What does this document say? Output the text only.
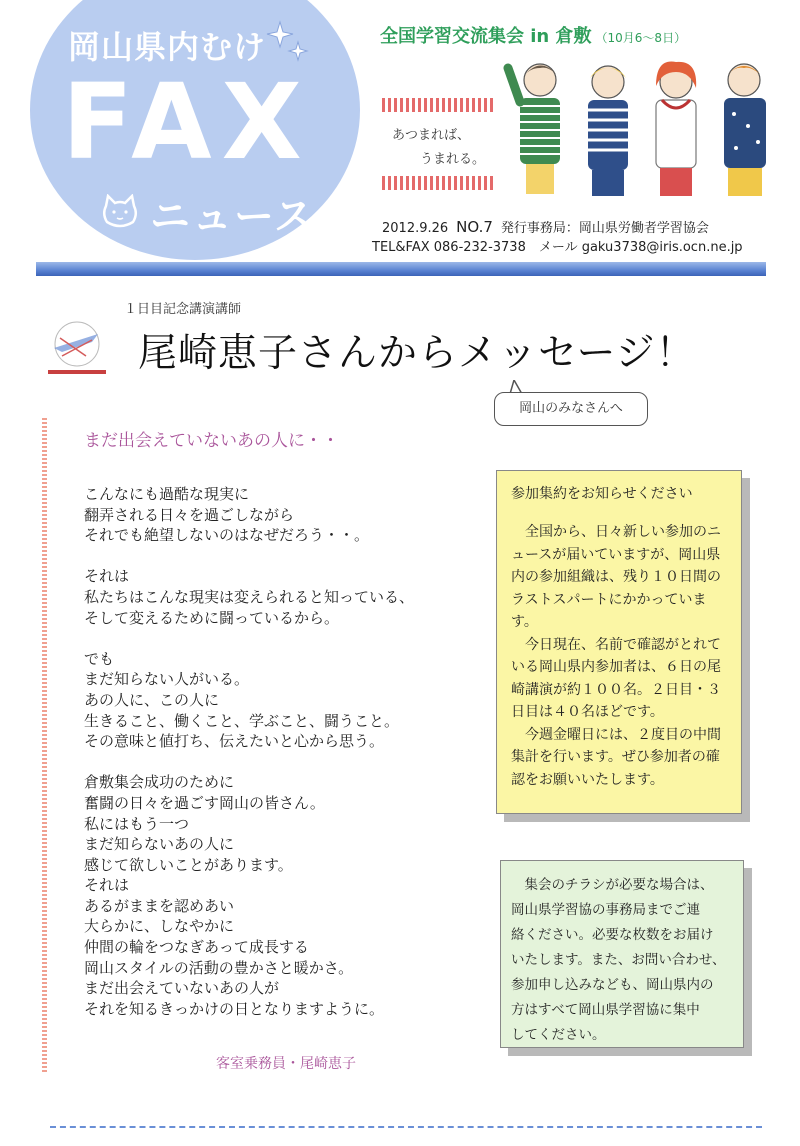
岡山県内むけ
FAX
ニュース
全国学習交流集会 in 倉敷 （10月6～8日）
あつまれば、
うまれる。
2012.9.26 NO.7 発行事務局：岡山県労働者学習協会
TEL&FAX 086-232-3738　メール gaku3738@iris.ocn.ne.jp
１日目記念講演講師
尾崎恵子さんからメッセージ！
岡山のみなさんへ
まだ出会えていないあの人に・・
こんなにも過酷な現実に
翻弄される日々を過ごしながら
それでも絶望しないのはなぜだろう・・。
それは
私たちはこんな現実は変えられると知っている、
そして変えるために闘っているから。
でも
まだ知らない人がいる。
あの人に、この人に
生きること、働くこと、学ぶこと、闘うこと。
その意味と値打ち、伝えたいと心から思う。
倉敷集会成功のために
奮闘の日々を過ごす岡山の皆さん。
私にはもう一つ
まだ知らないあの人に
感じて欲しいことがあります。
それは
あるがままを認めあい
大らかに、しなやかに
仲間の輪をつなぎあって成長する
岡山スタイルの活動の豊かさと暖かさ。
まだ出会えていないあの人が
それを知るきっかけの日となりますように。
客室乗務員・尾崎恵子
参加集約をお知らせください
　全国から、日々新しい参加のニ
ュースが届いていますが、岡山県
内の参加組織は、残り１０日間の
ラストスパートにかかっていま
す。
　今日現在、名前で確認がとれて
いる岡山県内参加者は、６日の尾
崎講演が約１００名。２日目・３
日目は４０名ほどです。
　今週金曜日には、２度目の中間
集計を行います。ぜひ参加者の確
認をお願いいたします。
　集会のチラシが必要な場合は、
岡山県学習協の事務局までご連
絡ください。必要な枚数をお届け
いたします。また、お問い合わせ、
参加申し込みなども、岡山県内の
方はすべて岡山県学習協に集中
してください。
